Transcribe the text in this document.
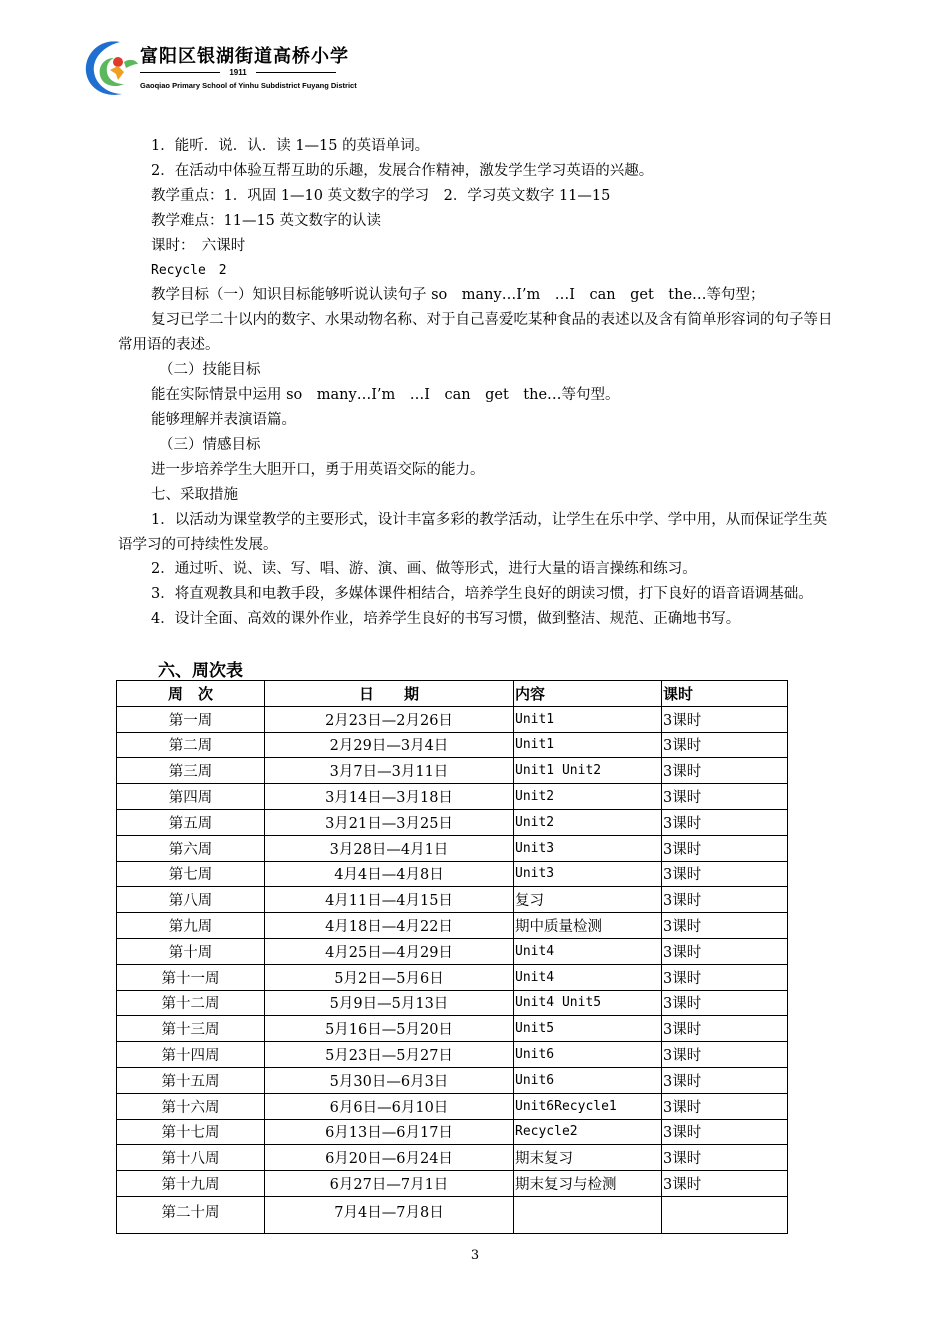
富阳区银湖街道高桥小学
1911
Gaoqiao Primary School of Yinhu Subdistrict Fuyang District

1．能听．说．认．读 1—15 的英语单词。

2．在活动中体验互帮互助的乐趣，发展合作精神，激发学生学习英语的兴趣。

教学重点：1．巩固 1—10 英文数字的学习　2．学习英文数字 11—15

教学难点：11—15 英文数字的认读

课时：　六课时

Recycle　2

教学目标（一）知识目标能够听说认读句子 so　many…I’m　…I　can　get　the…等句型；

复习已学二十以内的数字、水果动物名称、对于自己喜爱吃某种食品的表述以及含有简单形容词的句子等日常用语的表述。

（二）技能目标

能在实际情景中运用 so　many…I’m　…I　can　get　the…等句型。

能够理解并表演语篇。

（三）情感目标

进一步培养学生大胆开口，勇于用英语交际的能力。

七、采取措施

1．以活动为课堂教学的主要形式，设计丰富多彩的教学活动，让学生在乐中学、学中用，从而保证学生英语学习的可持续性发展。

2．通过听、说、读、写、唱、游、演、画、做等形式，进行大量的语言操练和练习。

3．将直观教具和电教手段，多媒体课件相结合，培养学生良好的朗读习惯，打下良好的语音语调基础。

4．设计全面、高效的课外作业，培养学生良好的书写习惯，做到整洁、规范、正确地书写。

六、周次表
周　次	日　　期	内容	课时
第一周	2月23日—2月26日	Unit1	3课时
第二周	2月29日—3月4日	Unit1	3课时
第三周	3月7日—3月11日	Unit1 Unit2	3课时
第四周	3月14日—3月18日	Unit2	3课时
第五周	3月21日—3月25日	Unit2	3课时
第六周	3月28日—4月1日	Unit3	3课时
第七周	4月4日—4月8日	Unit3	3课时
第八周	4月11日—4月15日	复习	3课时
第九周	4月18日—4月22日	期中质量检测	3课时
第十周	4月25日—4月29日	Unit4	3课时
第十一周	5月2日—5月6日	Unit4	3课时
第十二周	5月9日—5月13日	Unit4 Unit5	3课时
第十三周	5月16日—5月20日	Unit5	3课时
第十四周	5月23日—5月27日	Unit6	3课时
第十五周	5月30日—6月3日	Unit6	3课时
第十六周	6月6日—6月10日	Unit6Recycle1	3课时
第十七周	6月13日—6月17日	Recycle2	3课时
第十八周	6月20日—6月24日	期末复习	3课时
第十九周	6月27日—7月1日	期末复习与检测	3课时
第二十周	7月4日—7月8日		
3
